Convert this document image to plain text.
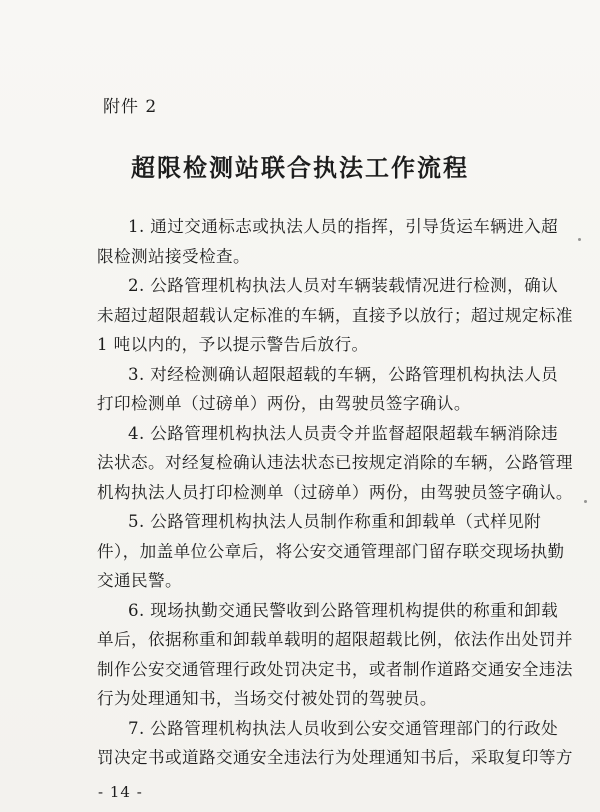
附件 2
超限检测站联合执法工作流程
1. 通过交通标志或执法人员的指挥，引导货运车辆进入超
限检测站接受检查。
2. 公路管理机构执法人员对车辆装载情况进行检测，确认
未超过超限超载认定标准的车辆，直接予以放行；超过规定标准
1 吨以内的，予以提示警告后放行。
3. 对经检测确认超限超载的车辆，公路管理机构执法人员
打印检测单（过磅单）两份，由驾驶员签字确认。
4. 公路管理机构执法人员责令并监督超限超载车辆消除违
法状态。对经复检确认违法状态已按规定消除的车辆，公路管理
机构执法人员打印检测单（过磅单）两份，由驾驶员签字确认。
5. 公路管理机构执法人员制作称重和卸载单（式样见附
件），加盖单位公章后，将公安交通管理部门留存联交现场执勤
交通民警。
6. 现场执勤交通民警收到公路管理机构提供的称重和卸载
单后，依据称重和卸载单载明的超限超载比例，依法作出处罚并
制作公安交通管理行政处罚决定书，或者制作道路交通安全违法
行为处理通知书，当场交付被处罚的驾驶员。
7. 公路管理机构执法人员收到公安交通管理部门的行政处
罚决定书或道路交通安全违法行为处理通知书后，采取复印等方
- 14 -
